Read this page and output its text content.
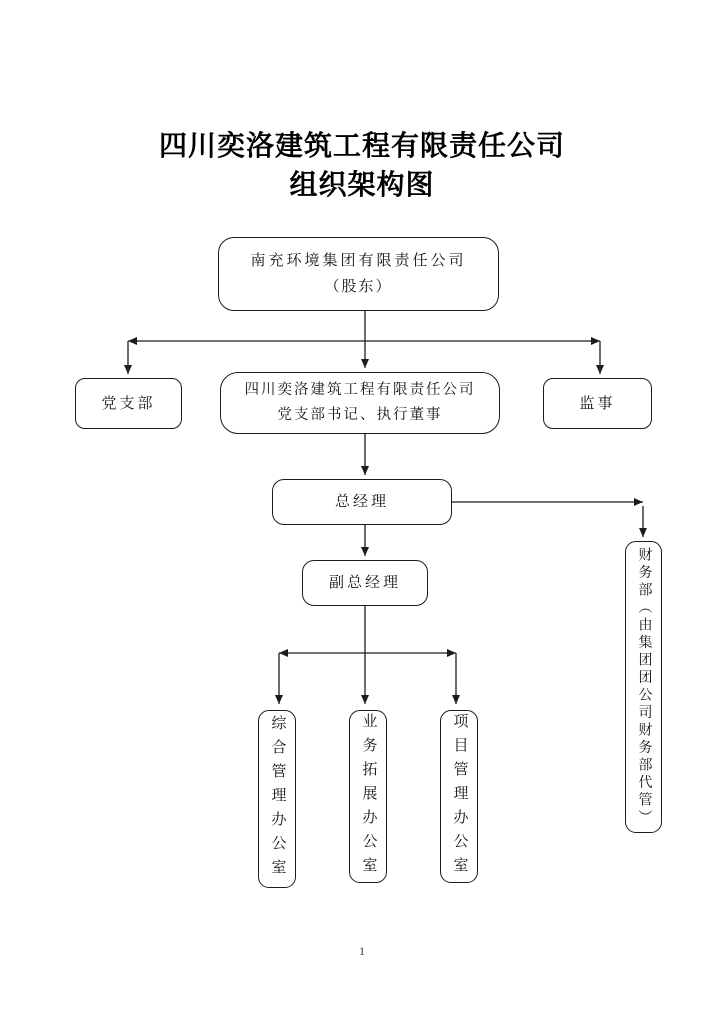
四川奕洛建筑工程有限责任公司
组织架构图
南充环境集团有限责任公司
（股东）
党支部
四川奕洛建筑工程有限责任公司
党支部书记、执行董事
监事
总经理
副总经理
综合管理办公室	业务拓展办公室	项目管理办公室	财务部（由集团团公司财务部代管）
1
